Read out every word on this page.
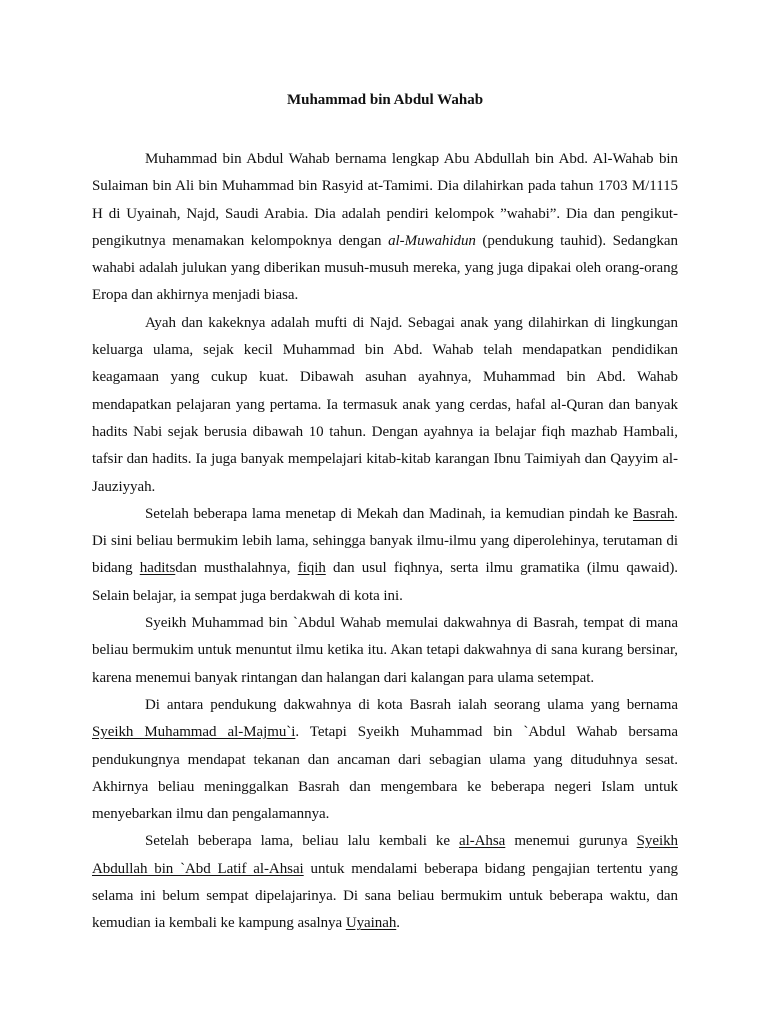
Muhammad bin Abdul Wahab

Muhammad bin Abdul Wahab bernama lengkap Abu Abdullah bin Abd. Al-Wahab bin Sulaiman bin Ali bin Muhammad bin Rasyid at-Tamimi. Dia dilahirkan pada tahun 1703 M/1115 H di Uyainah, Najd, Saudi Arabia. Dia adalah pendiri kelompok ”wahabi”. Dia dan pengikut-pengikutnya menamakan kelompoknya dengan al-Muwahidun (pendukung tauhid). Sedangkan wahabi adalah julukan yang diberikan musuh-musuh mereka, yang juga dipakai oleh orang-orang Eropa dan akhirnya menjadi biasa.

Ayah dan kakeknya adalah mufti di Najd. Sebagai anak yang dilahirkan di lingkungan keluarga ulama, sejak kecil Muhammad bin Abd. Wahab telah mendapatkan pendidikan keagamaan yang cukup kuat. Dibawah asuhan ayahnya, Muhammad bin Abd. Wahab mendapatkan pelajaran yang pertama. Ia termasuk anak yang cerdas, hafal al-Quran dan banyak hadits Nabi sejak berusia dibawah 10 tahun. Dengan ayahnya ia belajar fiqh mazhab Hambali, tafsir dan hadits. Ia juga banyak mempelajari kitab-kitab karangan Ibnu Taimiyah dan Qayyim al-Jauziyyah.

Setelah beberapa lama menetap di Mekah dan Madinah, ia kemudian pindah ke Basrah. Di sini beliau bermukim lebih lama, sehingga banyak ilmu-ilmu yang diperolehinya, terutaman di bidang haditsdan musthalahnya, fiqih dan usul fiqhnya, serta ilmu gramatika (ilmu qawaid). Selain belajar, ia sempat juga berdakwah di kota ini.

Syeikh Muhammad bin `Abdul Wahab memulai dakwahnya di Basrah, tempat di mana beliau bermukim untuk menuntut ilmu ketika itu. Akan tetapi dakwahnya di sana kurang bersinar, karena menemui banyak rintangan dan halangan dari kalangan para ulama setempat.

Di antara pendukung dakwahnya di kota Basrah ialah seorang ulama yang bernama Syeikh Muhammad al-Majmu`i. Tetapi Syeikh Muhammad bin `Abdul Wahab bersama pendukungnya mendapat tekanan dan ancaman dari sebagian ulama yang dituduhnya sesat. Akhirnya beliau meninggalkan Basrah dan mengembara ke beberapa negeri Islam untuk menyebarkan ilmu dan pengalamannya.

Setelah beberapa lama, beliau lalu kembali ke al-Ahsa menemui gurunya Syeikh Abdullah bin `Abd Latif al-Ahsai untuk mendalami beberapa bidang pengajian tertentu yang selama ini belum sempat dipelajarinya. Di sana beliau bermukim untuk beberapa waktu, dan kemudian ia kembali ke kampung asalnya Uyainah.
